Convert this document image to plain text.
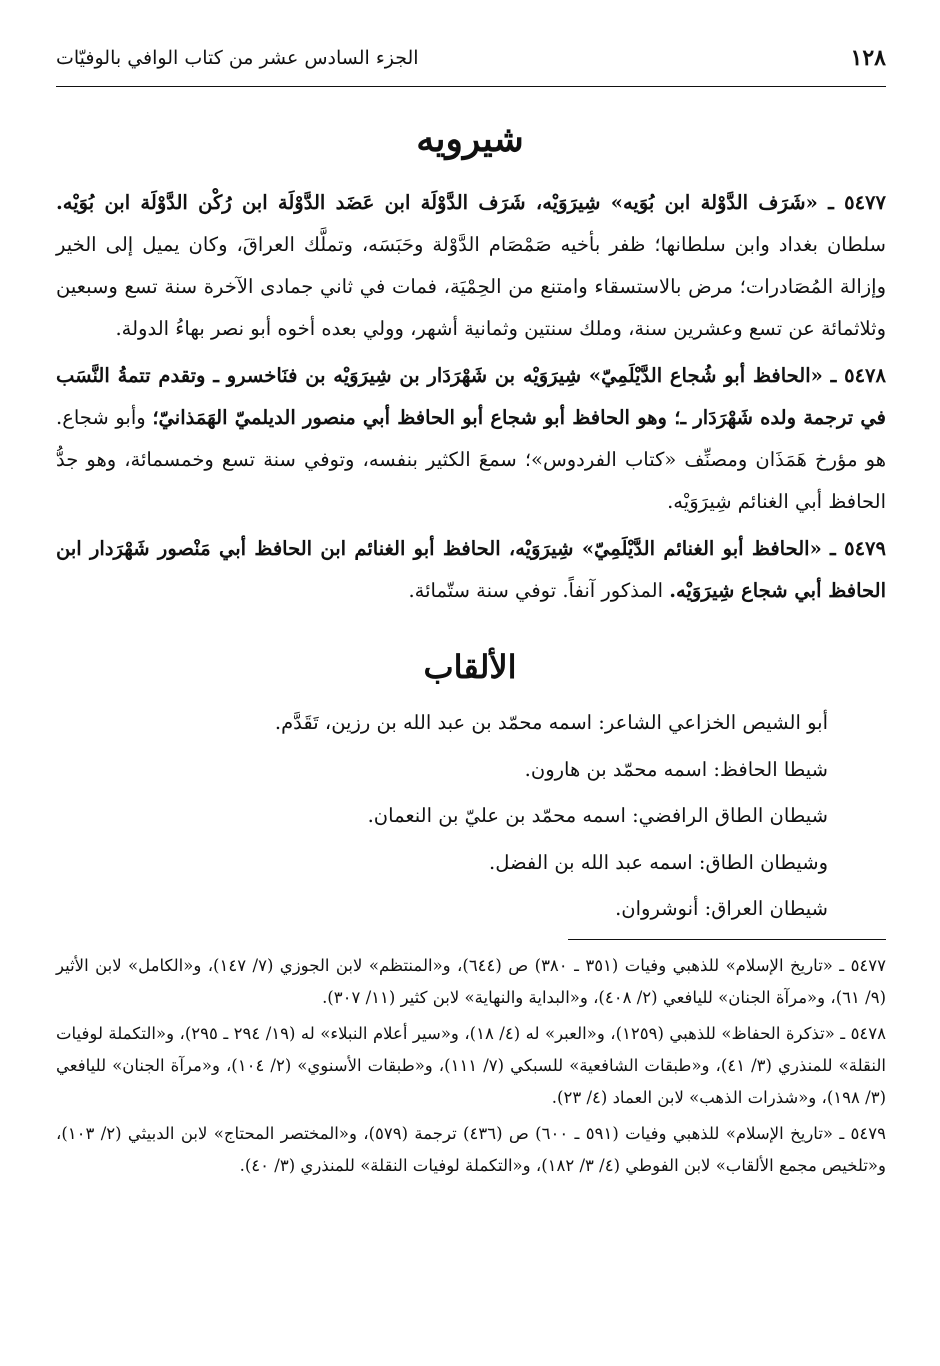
١٢٨
الجزء السادس عشر من كتاب الوافي بالوفيّات
شيرويه

٥٤٧٧ ـ «شَرَف الدَّوْلة ابن بُوَيه» شِيرَوَيْه، شَرَف الدَّوْلَة ابن عَضَد الدَّوْلَة ابن رُكْن الدَّوْلَة ابن بُوَيْه. سلطان بغداد وابن سلطانها؛ ظفر بأخيه صَمْصَام الدَّوْلة وحَبَسَه، وتملَّك العراقَ، وكان يميل إلى الخير وإزالة المُصَادرات؛ مرض بالاستسقاء وامتنع من الحِمْيَة، فمات في ثاني جمادى الآخرة سنة تسع وسبعين وثلاثمائة عن تسع وعشرين سنة، وملك سنتين وثمانية أشهر، وولي بعده أخوه أبو نصر بهاءُ الدولة.

٥٤٧٨ ـ «الحافظ أبو شُجاع الدَّيْلَمِيّ» شِيرَوَيْه بن شَهْرَدَار بن شِيرَوَيْه بن فنَاخسرو ـ وتقدم تتمةُ النَّسَب في ترجمة ولده شَهْرَدَار ـ؛ وهو الحافظ أبو شجاع أبو الحافظ أبي منصور الديلميّ الهَمَذانيّ؛ وأبو شجاع. هو مؤرخ هَمَذَان ومصنِّف «كتاب الفردوس»؛ سمعَ الكثير بنفسه، وتوفي سنة تسع وخمسمائة، وهو جدُّ الحافظ أبي الغنائم شِيرَوَيْه.

٥٤٧٩ ـ «الحافظ أبو الغنائم الدَّيْلَمِيّ» شِيرَوَيْه، الحافظ أبو الغنائم ابن الحافظ أبي مَنْصور شَهْرَدار ابن الحافظ أبي شجاع شِيرَوَيْه. المذكور آنفاً. توفي سنة ستّمائة.

الألقاب

أبو الشيص الخزاعي الشاعر: اسمه محمّد بن عبد الله بن رزين، تَقَدَّم.

شيطا الحافظ: اسمه محمّد بن هارون.

شيطان الطاق الرافضي: اسمه محمّد بن عليّ بن النعمان.

وشيطان الطاق: اسمه عبد الله بن الفضل.

شيطان العراق: أنوشروان.

٥٤٧٧ ـ «تاريخ الإسلام» للذهبي وفيات (٣٥١ ـ ٣٨٠) ص (٦٤٤)، و«المنتظم» لابن الجوزي (٧/ ١٤٧)، و«الكامل» لابن الأثير (٩/ ٦١)، و«مرآة الجنان» لليافعي (٢/ ٤٠٨)، و«البداية والنهاية» لابن كثير (١١/ ٣٠٧).

٥٤٧٨ ـ «تذكرة الحفاظ» للذهبي (١٢٥٩)، و«العبر» له (٤/ ١٨)، و«سير أعلام النبلاء» له (١٩/ ٢٩٤ ـ ٢٩٥)، و«التكملة لوفيات النقلة» للمنذري (٣/ ٤١)، و«طبقات الشافعية» للسبكي (٧/ ١١١)، و«طبقات الأسنوي» (٢/ ١٠٤)، و«مرآة الجنان» لليافعي (٣/ ١٩٨)، و«شذرات الذهب» لابن العماد (٤/ ٢٣).

٥٤٧٩ ـ «تاريخ الإسلام» للذهبي وفيات (٥٩١ ـ ٦٠٠) ص (٤٣٦) ترجمة (٥٧٩)، و«المختصر المحتاج» لابن الدبيثي (٢/ ١٠٣)، و«تلخيص مجمع الألقاب» لابن الفوطي (٤/ ٣/ ١٨٢)، و«التكملة لوفيات النقلة» للمنذري (٣/ ٤٠).
